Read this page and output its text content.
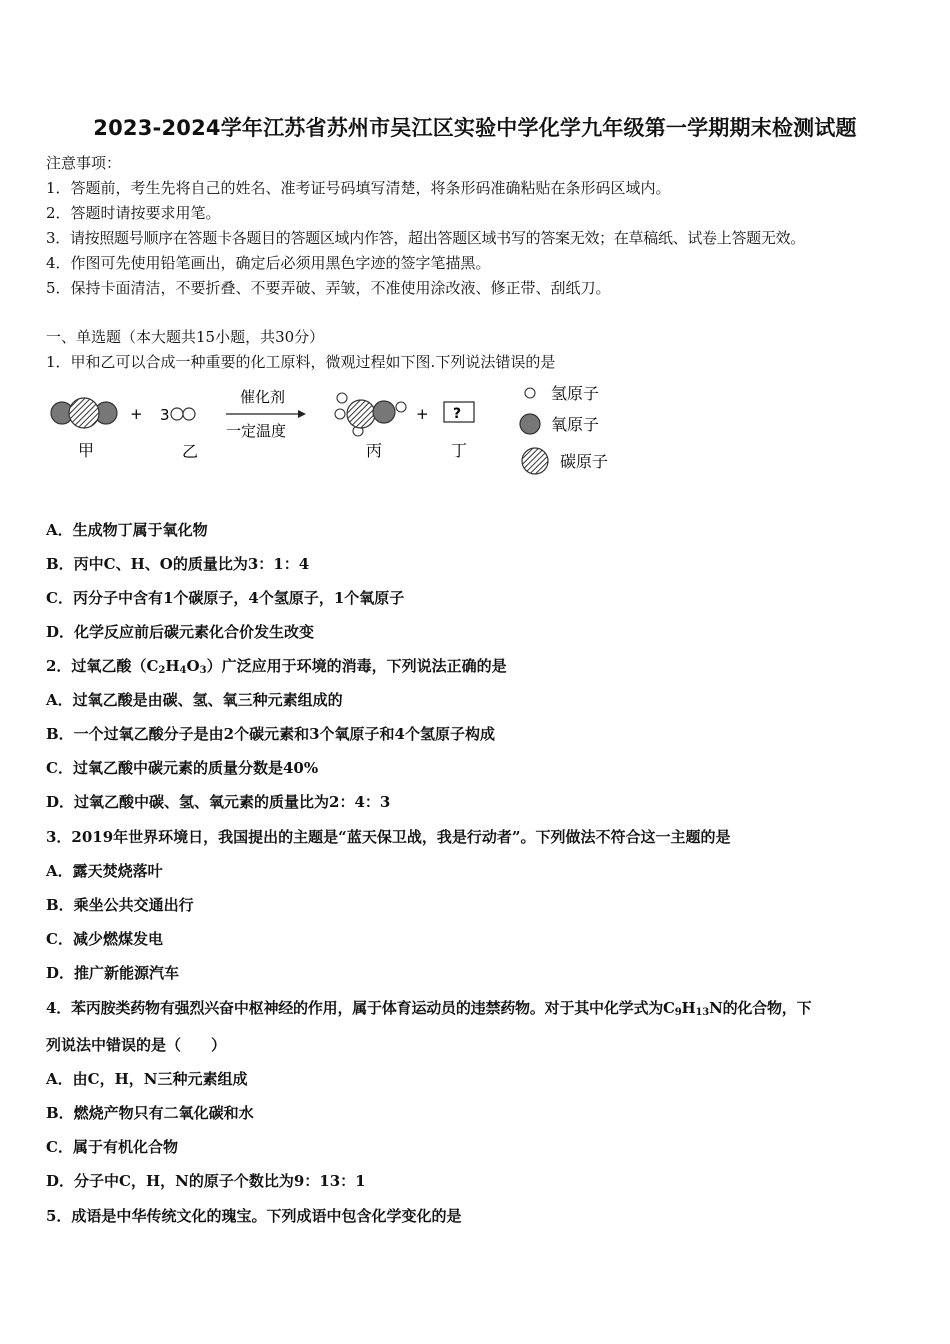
2023-2024学年江苏省苏州市吴江区实验中学化学九年级第一学期期末检测试题
注意事项：
1．答题前，考生先将自己的姓名、准考证号码填写清楚，将条形码准确粘贴在条形码区域内。
2．答题时请按要求用笔。
3．请按照题号顺序在答题卡各题目的答题区域内作答，超出答题区域书写的答案无效；在草稿纸、试卷上答题无效。
4．作图可先使用铅笔画出，确定后必须用黑色字迹的签字笔描黑。
5．保持卡面清洁，不要折叠、不要弄破、弄皱，不准使用涂改液、修正带、刮纸刀。
一、单选题（本大题共15小题，共30分）
1．甲和乙可以合成一种重要的化工原料，微观过程如下图.下列说法错误的是
+ 3
催化剂
一定温度
+ ?
甲	乙	丙	丁
氢原子
氧原子
碳原子
A．生成物丁属于氧化物
B．丙中C、H、O的质量比为3：1：4
C．丙分子中含有1个碳原子，4个氢原子，1个氧原子
D．化学反应前后碳元素化合价发生改变
2．过氧乙酸$(C_2H_4O_3)$广泛应用于环境的消毒，下列说法正确的是
A．过氧乙酸是由碳、氢、氧三种元素组成的
B．一个过氧乙酸分子是由2个碳元素和3个氧原子和4个氢原子构成
C．过氧乙酸中碳元素的质量分数是40%
D．过氧乙酸中碳、氢、氧元素的质量比为2：4：3
3．2019年世界环境日，我国提出的主题是“蓝天保卫战，我是行动者”。下列做法不符合这一主题的是
A．露天焚烧落叶
B．乘坐公共交通出行
C．减少燃煤发电
D．推广新能源汽车
4．苯丙胺类药物有强烈兴奋中枢神经的作用，属于体育运动员的违禁药物。对于其中化学式为$C_9H_{13}N$的化合物，下
列说法中错误的是（　　）
A．由C，H，N三种元素组成
B．燃烧产物只有二氧化碳和水
C．属于有机化合物
D．分子中C，H，N的原子个数比为9：13：1
5．成语是中华传统文化的瑰宝。下列成语中包含化学变化的是
